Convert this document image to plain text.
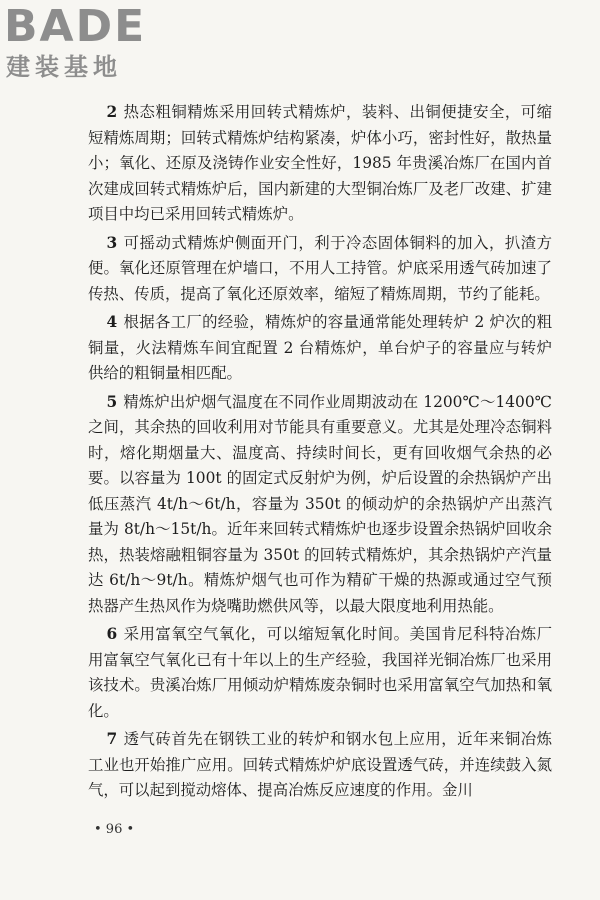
BADE
建装基地

2 热态粗铜精炼采用回转式精炼炉，装料、出铜便捷安全，可缩短精炼周期；回转式精炼炉结构紧凑，炉体小巧，密封性好，散热量小；氧化、还原及浇铸作业安全性好，1985 年贵溪冶炼厂在国内首次建成回转式精炼炉后，国内新建的大型铜冶炼厂及老厂改建、扩建项目中均已采用回转式精炼炉。

3 可摇动式精炼炉侧面开门，利于冷态固体铜料的加入，扒渣方便。氧化还原管理在炉墙口，不用人工持管。炉底采用透气砖加速了传热、传质，提高了氧化还原效率，缩短了精炼周期，节约了能耗。

4 根据各工厂的经验，精炼炉的容量通常能处理转炉 2 炉次的粗铜量，火法精炼车间宜配置 2 台精炼炉，单台炉子的容量应与转炉供给的粗铜量相匹配。

5 精炼炉出炉烟气温度在不同作业周期波动在 1200℃～1400℃之间，其余热的回收利用对节能具有重要意义。尤其是处理冷态铜料时，熔化期烟量大、温度高、持续时间长，更有回收烟气余热的必要。以容量为 100t 的固定式反射炉为例，炉后设置的余热锅炉产出低压蒸汽 4t/h～6t/h，容量为 350t 的倾动炉的余热锅炉产出蒸汽量为 8t/h～15t/h。近年来回转式精炼炉也逐步设置余热锅炉回收余热，热装熔融粗铜容量为 350t 的回转式精炼炉，其余热锅炉产汽量达 6t/h～9t/h。精炼炉烟气也可作为精矿干燥的热源或通过空气预热器产生热风作为烧嘴助燃供风等，以最大限度地利用热能。

6 采用富氧空气氧化，可以缩短氧化时间。美国肯尼科特冶炼厂用富氧空气氧化已有十年以上的生产经验，我国祥光铜冶炼厂也采用该技术。贵溪冶炼厂用倾动炉精炼废杂铜时也采用富氧空气加热和氧化。

7 透气砖首先在钢铁工业的转炉和钢水包上应用，近年来铜冶炼工业也开始推广应用。回转式精炼炉炉底设置透气砖，并连续鼓入氮气，可以起到搅动熔体、提高冶炼反应速度的作用。金川

• 96 •
